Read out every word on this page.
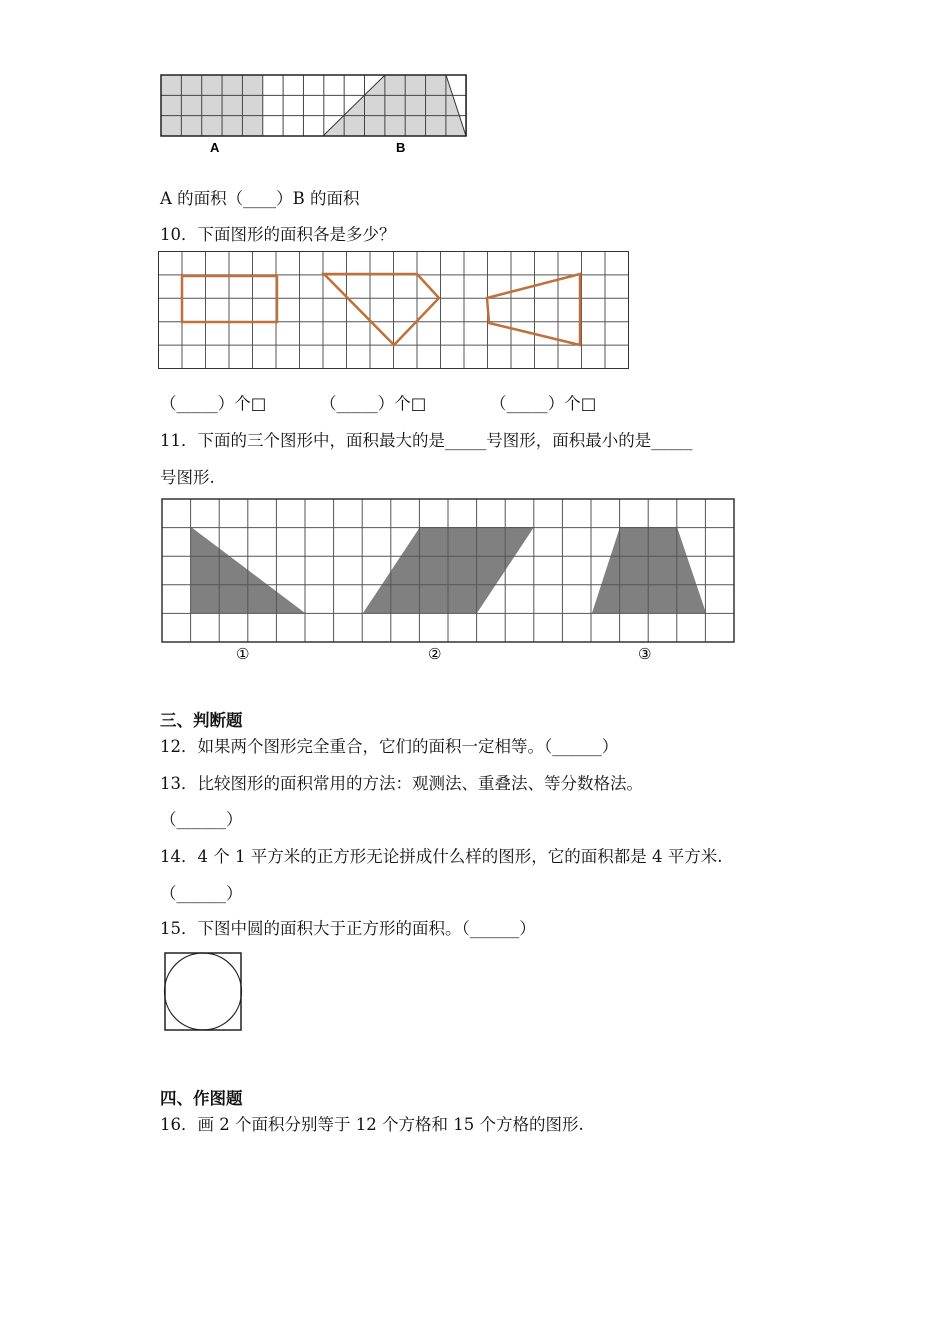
A	B
A 的面积（____）B 的面积
10．下面图形的面积各是多少？
（_____）个□	（_____）个□	（_____）个□
11．下面的三个图形中，面积最大的是_____号图形，面积最小的是_____
号图形.
①	②	③
三、判断题
12．如果两个图形完全重合，它们的面积一定相等。（______）
13．比较图形的面积常用的方法：观测法、重叠法、等分数格法。
（______）
14．4 个 1 平方米的正方形无论拼成什么样的图形，它的面积都是 4 平方米.
（______）
15．下图中圆的面积大于正方形的面积。（______）
四、作图题
16．画 2 个面积分别等于 12 个方格和 15 个方格的图形.
